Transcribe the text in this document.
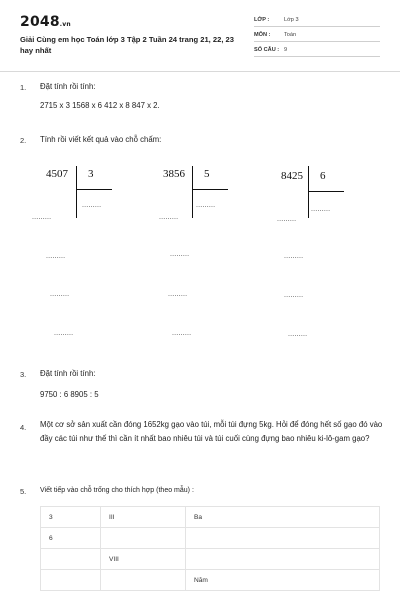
2048.vn
Giải Cùng em học Toán lớp 3 Tập 2 Tuần 24 trang 21, 22, 23 hay nhất
LỚP :	Lớp 3
MÔN : Toán
SỐ CÂU : 9
1. Đặt tính rồi tính:
2715 x 3 1568 x 6 412 x 8 847 x 2.
2. Tính rồi viết kết quả vào chỗ chấm:
4507 3
.........
.........
3856 5
.........
.........
8425 6
.........
.........
.........	.........	.........
.........	.........	.........
.........	.........	.........
3. Đặt tính rồi tính:
9750 : 6 8905 : 5
4. Một cơ sở sản xuất cần đóng 1652kg gạo vào túi, mỗi túi đựng 5kg. Hỏi để đóng hết số gạo đó vào đầy các túi như thế thì cần ít nhất bao nhiêu túi và túi cuối cùng đựng bao nhiêu ki-lô-gam gạo?
5. Viết tiếp vào chỗ trống cho thích hợp (theo mẫu) :
3	III	Ba
6		
	VIII	
		Năm
